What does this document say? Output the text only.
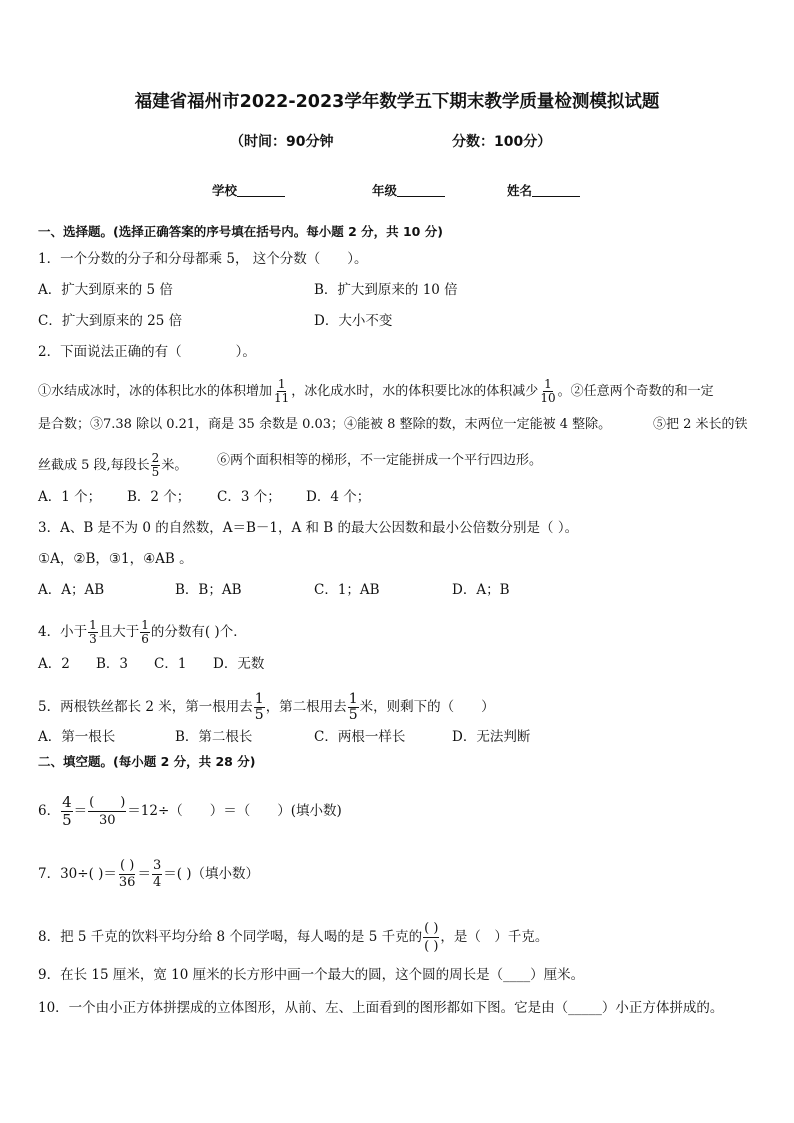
福建省福州市2022-2023学年数学五下期末教学质量检测模拟试题
（时间：90分钟	分数：100分）
学校	年级	姓名
一、选择题。(选择正确答案的序号填在括号内。每小题 2 分，共 10 分)
1．一个分数的分子和分母都乘 5， 这个分数（　　）。
A．扩大到原来的 5 倍	B．扩大到原来的 10 倍
C．扩大到原来的 25 倍	D．大小不变
2．下面说法正确的有（　　　　）。
①水结成冰时，冰的体积比水的体积增加 $\frac{1}{11}$ ，冰化成水时，水的体积要比冰的体积减少 $\frac{1}{10}$ 。②任意两个奇数的和一定
是合数；③7.38 除以 0.21，商是 35 余数是 0.03；④能被 8 整除的数，末两位一定能被 4 整除。	⑤把 2 米长的铁
丝截成 5 段,每段长 $\frac{2}{5}$ 米。 ⑥两个面积相等的梯形，不一定能拼成一个平行四边形。
A．1 个； B．2 个； C．3 个； D．4 个；
3．A、B 是不为 0 的自然数，A＝B－1，A 和 B 的最大公因数和最小公倍数分别是（ ）。
①A，②B，③1，④AB 。
A．A；AB	B．B；AB	C．1；AB	D．A；B
4．小于 $\frac{1}{3}$ 且大于 $\frac{1}{6}$ 的分数有( )个．
A．2 B．3 C．1 D．无数
5．两根铁丝都长 2 米，第一根用去 $\frac{1}{5}$ ，第二根用去 $\frac{1}{5}$ 米，则剩下的（　　）
A．第一根长	B．第二根长	C．两根一样长	D．无法判断
二、填空题。(每小题 2 分，共 28 分)
6． $\frac{4}{5} = \frac{( )}{30} =12\div$（　　）＝（　　）(填小数)
7．30÷( )＝ $\frac{( )}{36} = \frac{3}{4}$ ＝( )（填小数）
8．把 5 千克的饮料平均分给 8 个同学喝，每人喝的是 5 千克的 $\frac{( )}{( )}$ ，是（　）千克。
9．在长 15 厘米，宽 10 厘米的长方形中画一个最大的圆，这个圆的周长是（____）厘米。
10．一个由小正方体拼摆成的立体图形，从前、左、上面看到的图形都如下图。它是由（_____）小正方体拼成的。
